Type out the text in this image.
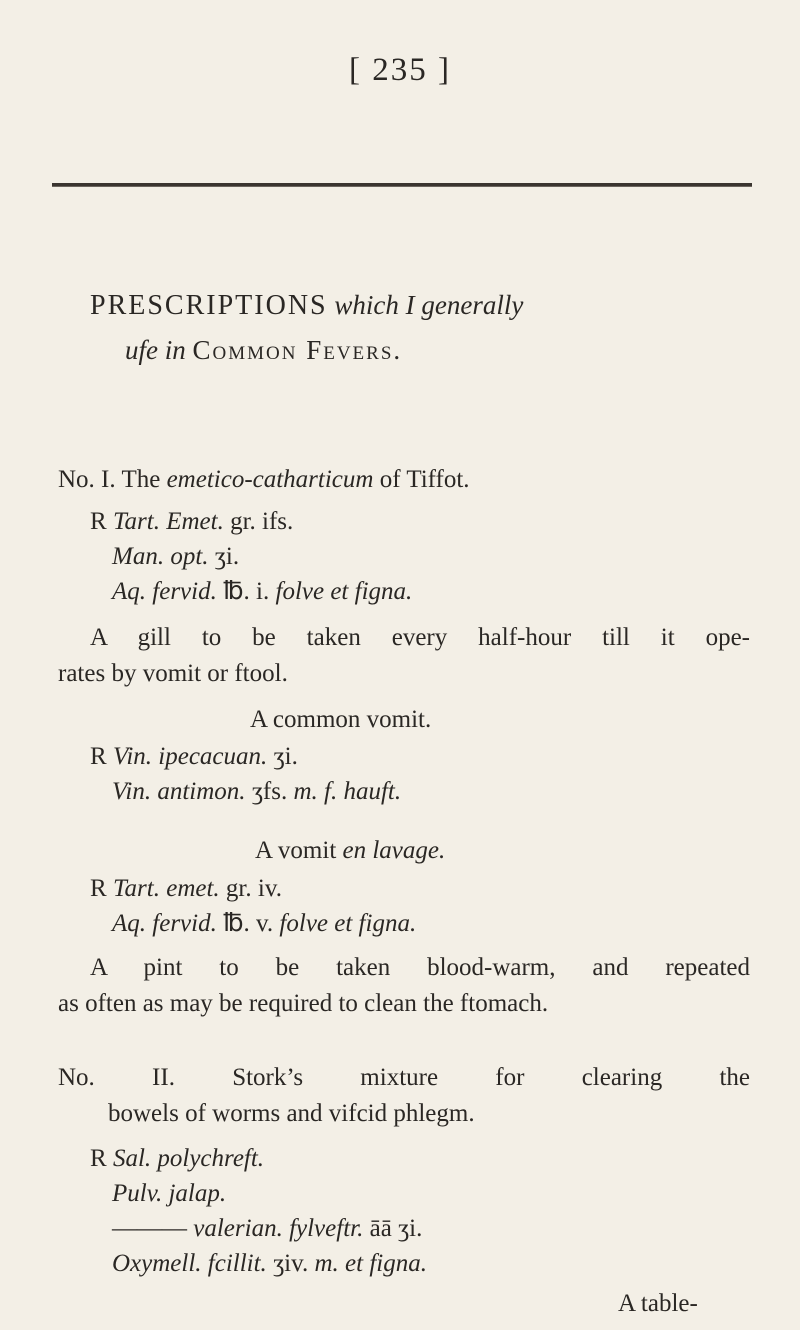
[ 235 ]
PRESCRIPTIONS which I generally
ufe in Common Fevers.
No. I. The emetico-catharticum of Tiffot.
R Tart. Emet. gr. ifs.
Man. opt. ʒi.
Aq. fervid. ℔. i. folve et figna.
A gill to be taken every half-hour till it ope-
rates by vomit or ftool.
A common vomit.
R Vin. ipecacuan. ʒi.
Vin. antimon. ʒfs. m. f. hauft.
A vomit en lavage.
R Tart. emet. gr. iv.
Aq. fervid. ℔. v. folve et figna.
A pint to be taken blood-warm, and repeated
as often as may be required to clean the ftomach.
No. II. Stork’s mixture for clearing the
bowels of worms and vifcid phlegm.
R Sal. polychreft.
Pulv. jalap.
——— valerian. fylveftr. āā ʒi.
Oxymell. fcillit. ʒiv. m. et figna.
A table-
